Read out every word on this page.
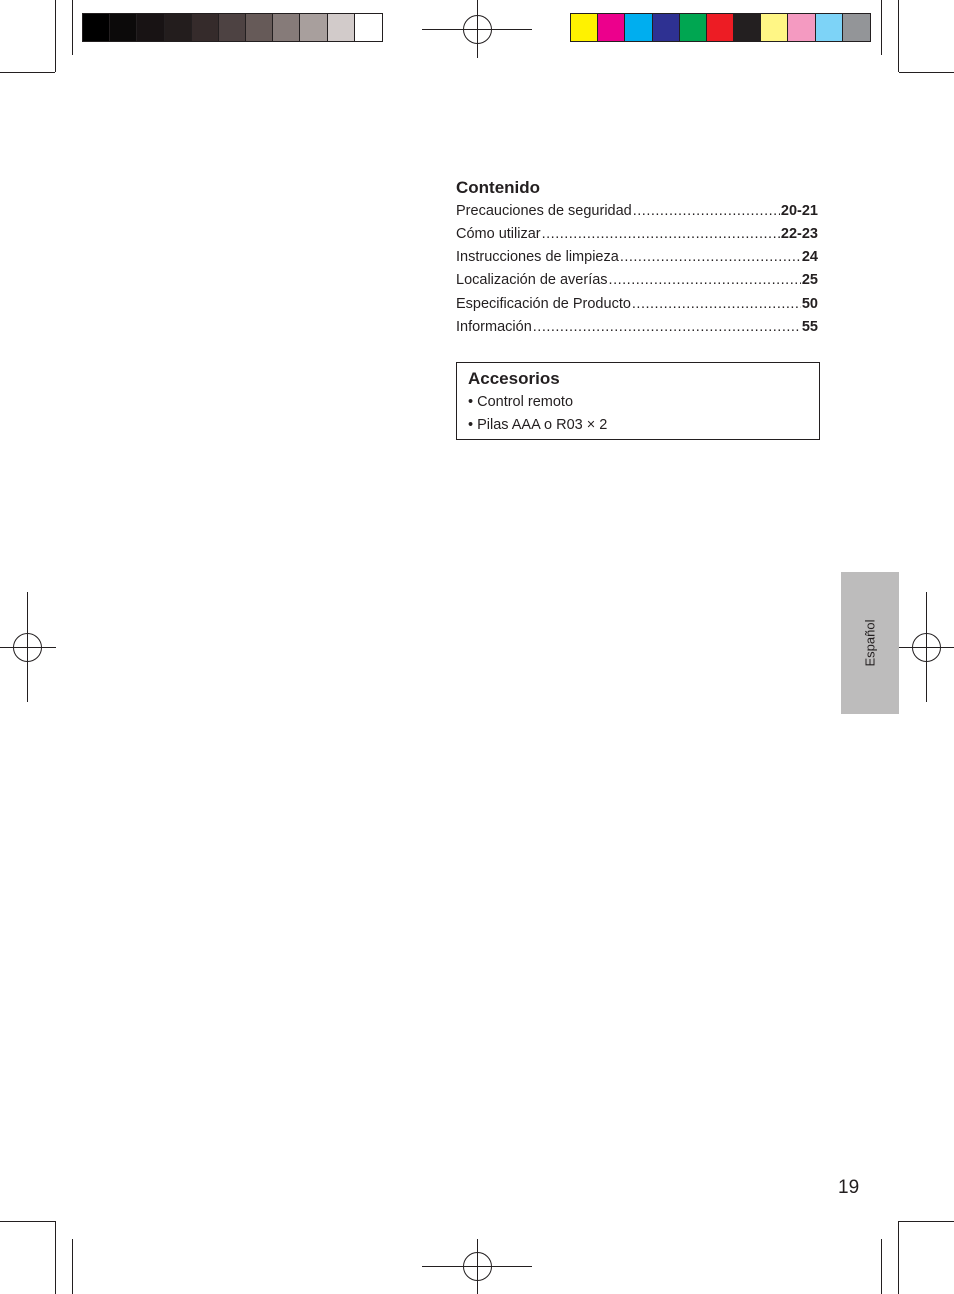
Contenido
Precauciones de seguridad .....	20-21
Cómo utilizar .....	22-23
Instrucciones de limpieza .....	24
Localización de averías .....	25
Especificación de Producto .....	50
Información .....	55
Accesorios
• Control remoto
• Pilas AAA o R03 × 2
Español
19
